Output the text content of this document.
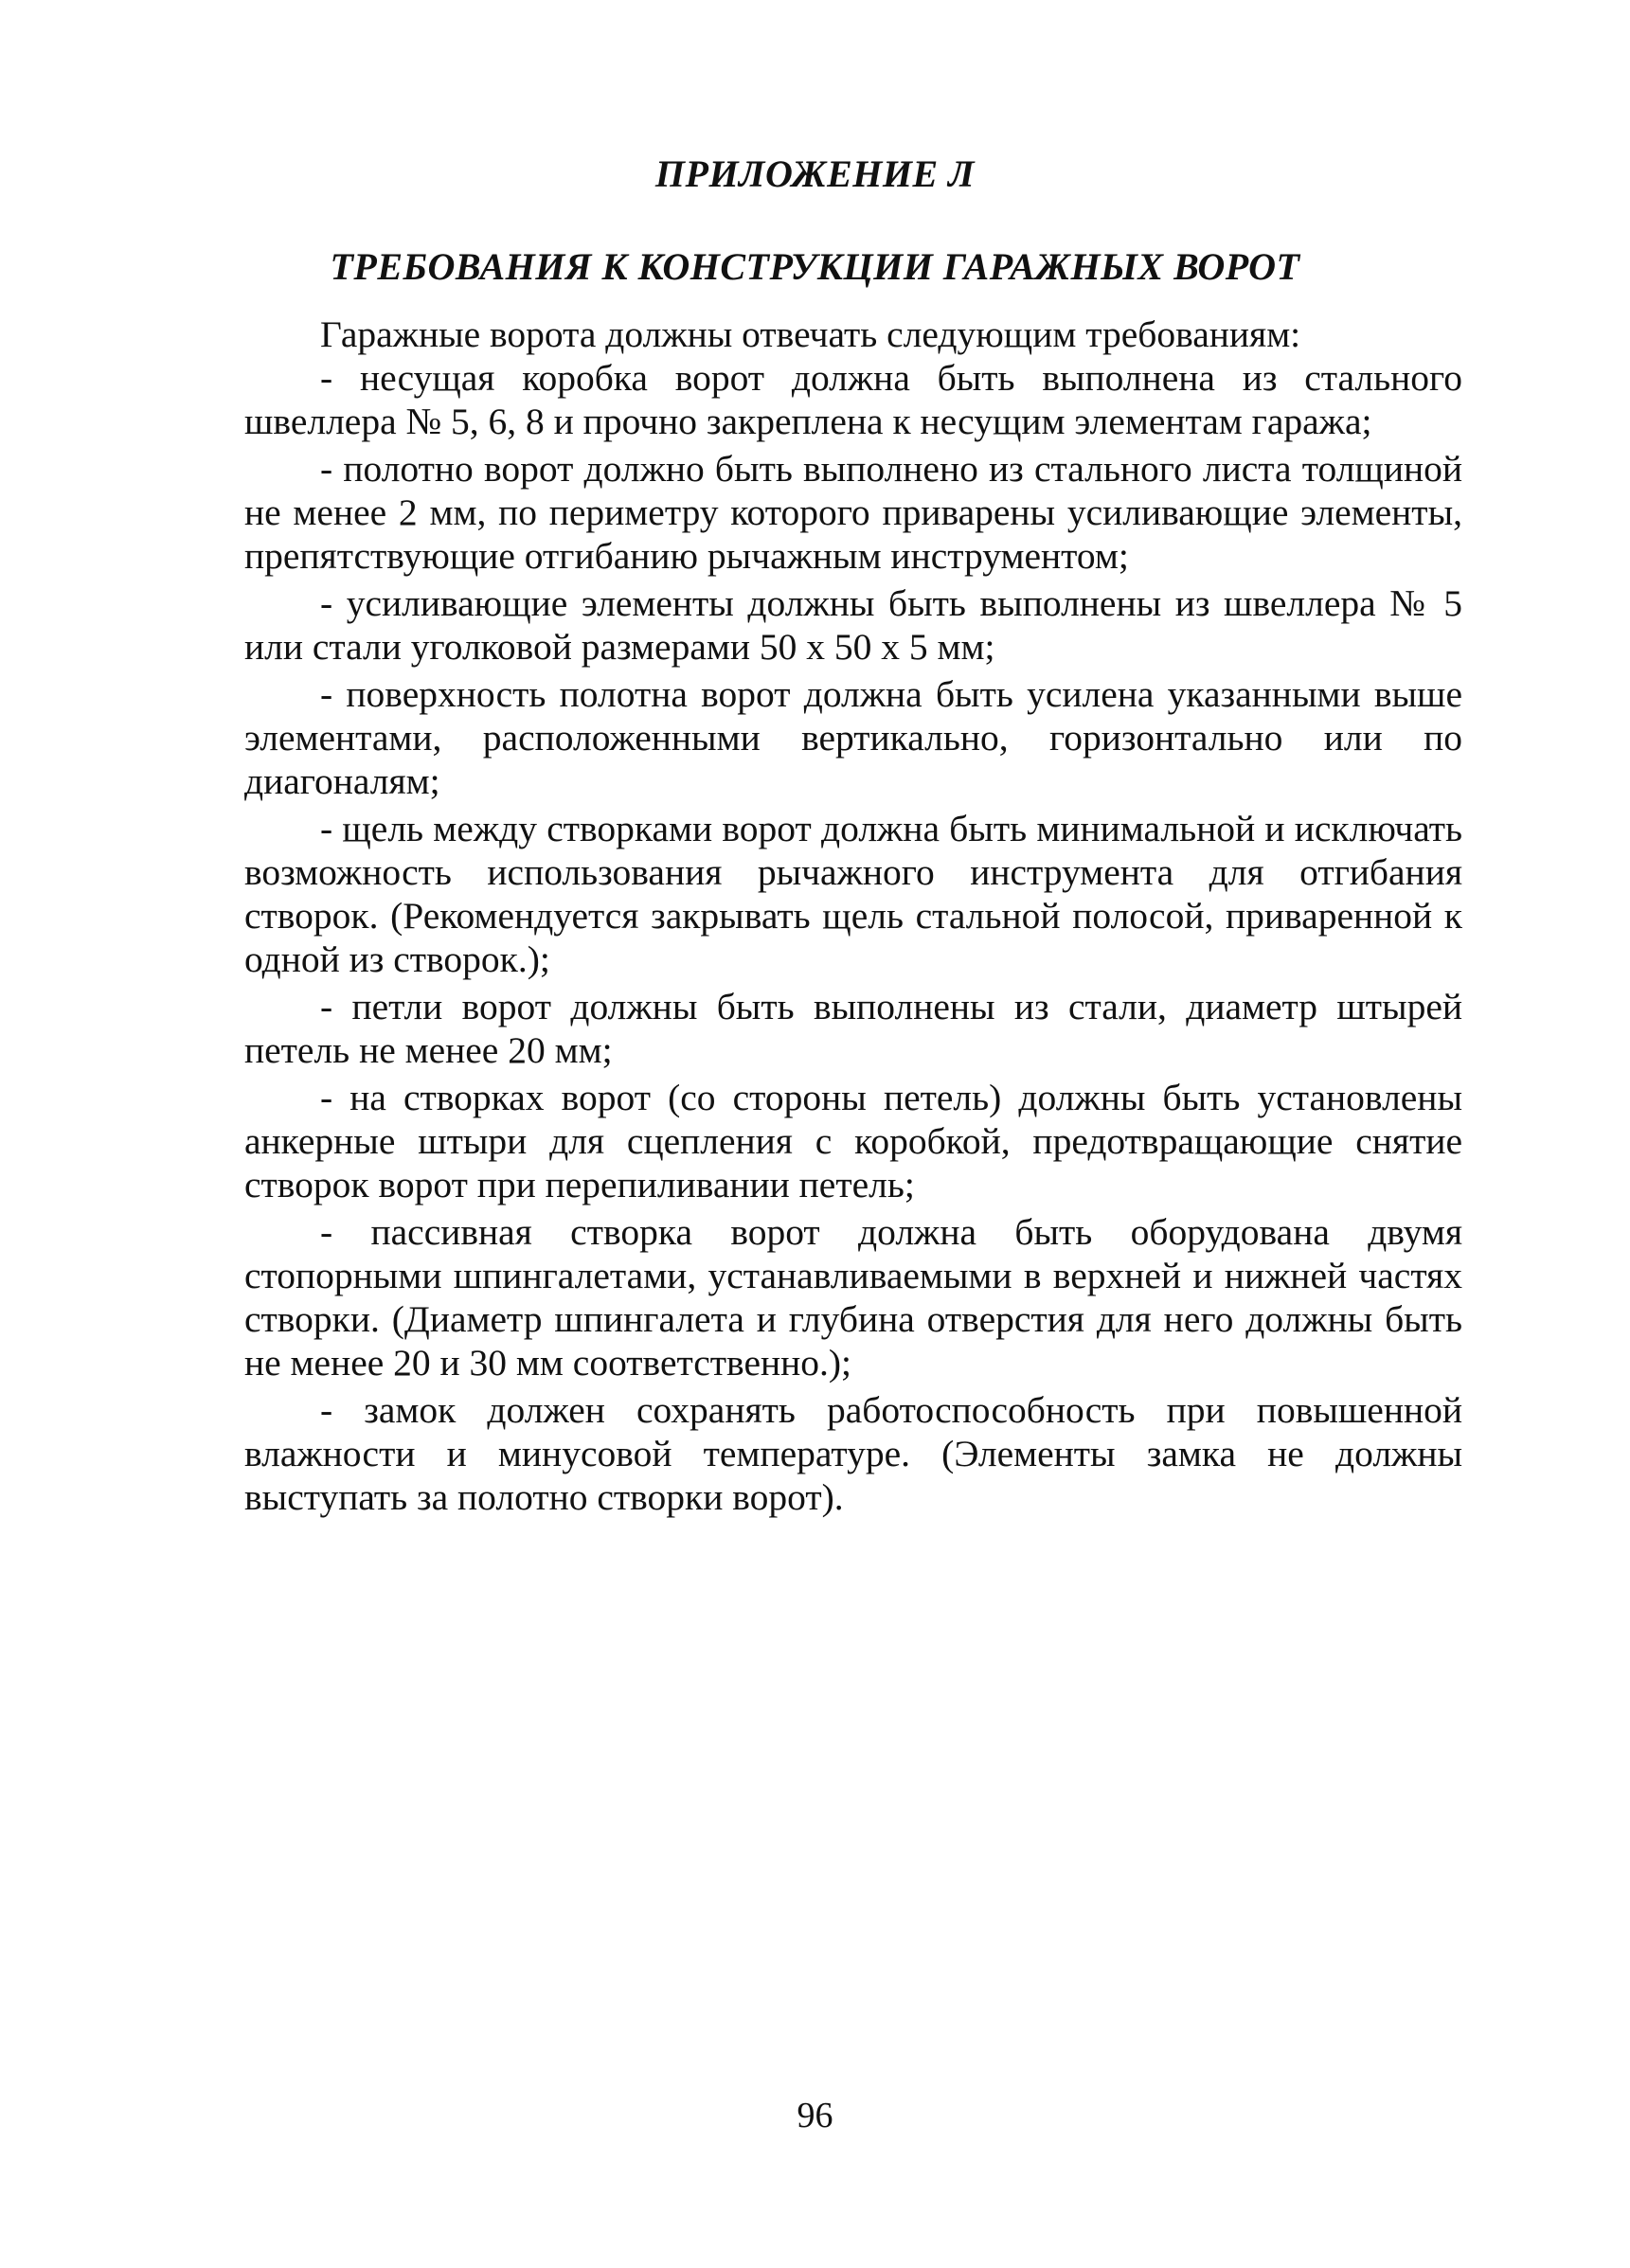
ПРИЛОЖЕНИЕ Л
ТРЕБОВАНИЯ К КОНСТРУКЦИИ ГАРАЖНЫХ ВОРОТ

Гаражные ворота должны отвечать следующим требованиям:

- несущая коробка ворот должна быть выполнена из стального швеллера № 5, 6, 8 и прочно закреплена к несущим элементам гаража;

- полотно ворот должно быть выполнено из стального листа толщиной не менее 2 мм, по периметру которого приварены усиливающие элементы, препятствующие отгибанию рычажным инструментом;

- усиливающие элементы должны быть выполнены из швеллера № 5 или стали уголковой размерами 50 х 50 х 5 мм;

- поверхность полотна ворот должна быть усилена указанными выше элементами, расположенными вертикально, горизонтально или по диагоналям;

- щель между створками ворот должна быть минимальной и исключать возможность использования рычажного инструмента для отгибания створок. (Рекомендуется закрывать щель стальной полосой, приваренной к одной из створок.);

- петли ворот должны быть выполнены из стали, диаметр штырей петель не менее 20 мм;

- на створках ворот (со стороны петель) должны быть установлены анкерные штыри для сцепления с коробкой, предотвращающие снятие створок ворот при перепиливании петель;

- пассивная створка ворот должна быть оборудована двумя стопорными шпингалетами, устанавливаемыми в верхней и нижней частях створки. (Диаметр шпингалета и глубина отверстия для него должны быть не менее 20 и 30 мм соответственно.);

- замок должен сохранять работоспособность при повышенной влажности и минусовой температуре. (Элементы замка не должны выступать за полотно створки ворот).

96
